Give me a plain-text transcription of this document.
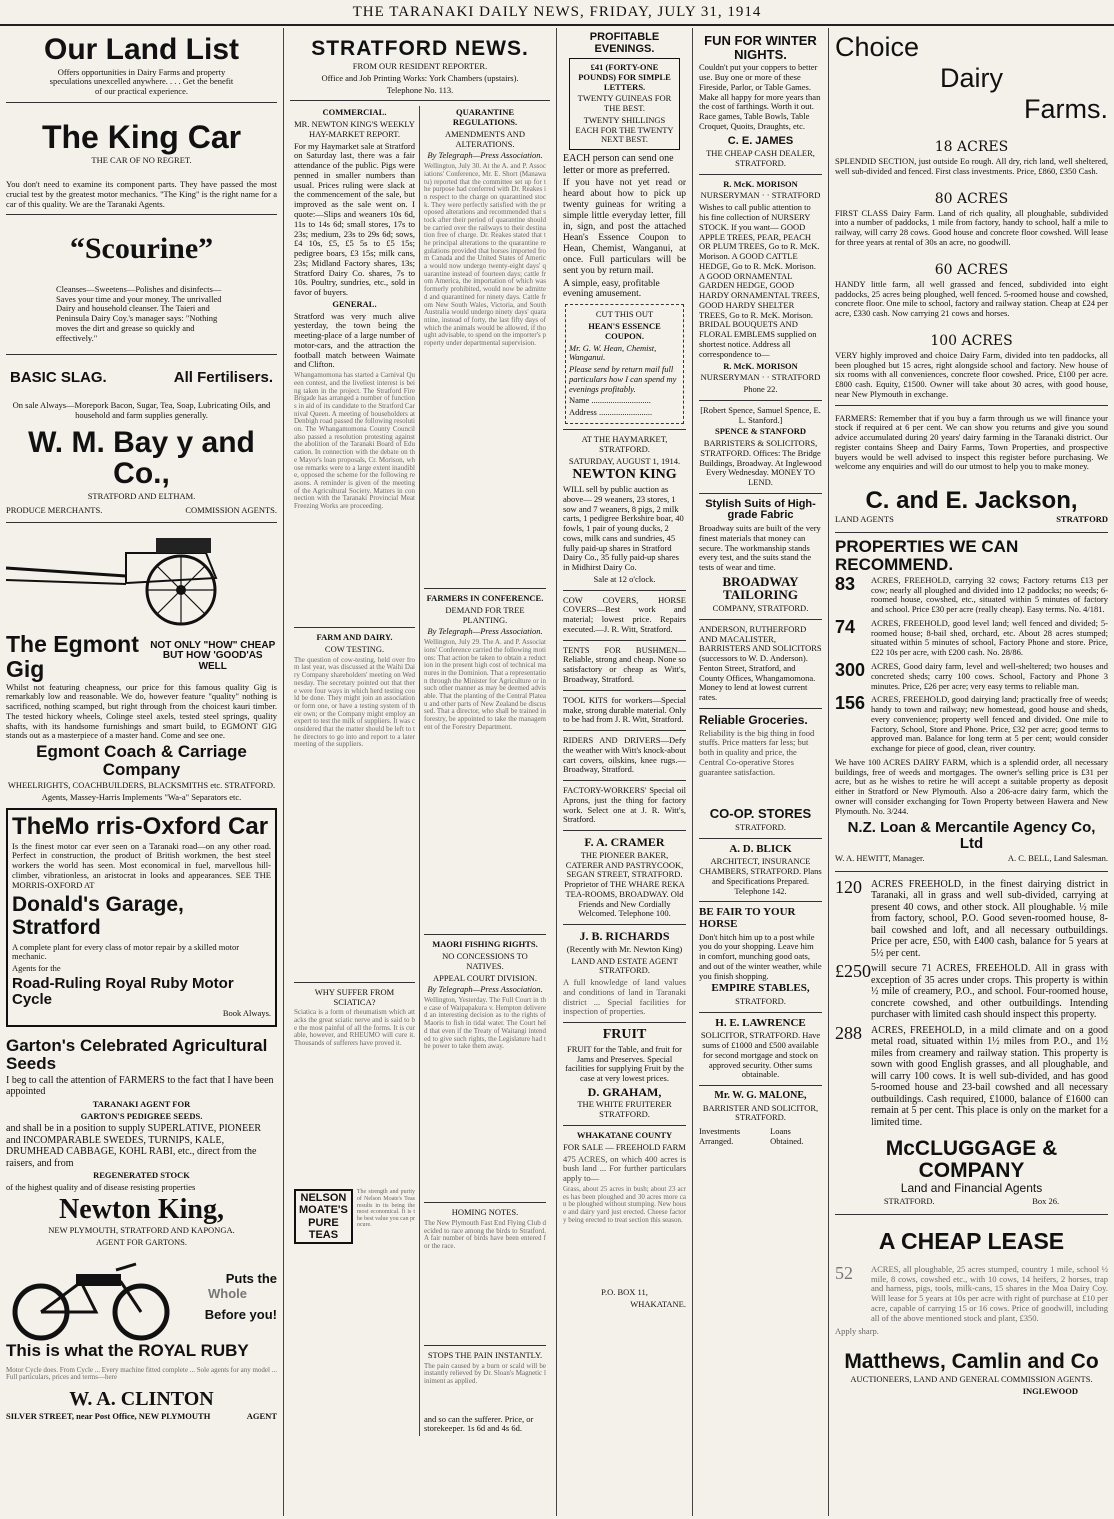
THE TARANAKI DAILY NEWS, FRIDAY, JULY 31, 1914
Our Land List

Offers opportunities in Dairy Farms and property speculations unexcelled anywhere. . . . Get the benefit of our practical experience.

The King Car

THE CAR OF NO REGRET.

You don't need to examine its component parts. They have passed the most crucial test by the greatest motor mechanics. "The King" is the right name for a car of this quality. We are the Taranaki Agents.

“Scourine”

Cleanses—Sweetens—Polishes and disinfects—Saves your time and your money. The unrivalled Dairy and household cleanser. The Taieri and Peninsula Dairy Coy.'s manager says: "Nothing moves the dirt and grease so quickly and effectively."

BASIC SLAG.	All Fertilisers.

On sale Always—Morepork Bacon, Sugar, Tea, Soap, Lubricating Oils, and household and farm supplies generally.

W. M. Bay y and Co.,

STRATFORD AND ELTHAM.

PRODUCE MERCHANTS.	COMMISSION AGENTS.
The Egmont Gig
NOT ONLY "HOW" CHEAP
BUT HOW 'GOOD'AS WELL

Whilst not featuring cheapness, our price for this famous quality Gig is remarkably low and reasonable. We do, however feature "quality" nothing is sacrificed, nothing scamped, but right through from the choicest kauri timber. The tested hickory wheels, Colinge steel axels, tested steel springs, quality shafts, with its handsome furnishings and smart build, to EGMONT GIG stands out as a masterpiece of a master hand. Come and see one.

Egmont Coach & Carriage Company

WHEELRIGHTS, COACHBUILDERS, BLACKSMITHS etc. STRATFORD.

Agents, Massey-Harris Implements "Wa-a" Separators etc.

TheMo rris-Oxford Car

Is the finest motor car ever seen on a Taranaki road—on any other road. Perfect in construction, the product of British workmen, the best steel workers the world has seen. Most economical in fuel, marvellous hill-climber, vibrationless, an aristocrat in looks and appearances. SEE THE MORRIS-OXFORD AT

Donald's Garage, Stratford

A complete plant for every class of motor repair by a skilled motor mechanic.

Agents for the

Road-Ruling Royal Ruby Motor Cycle

Book Always.

Garton's Celebrated Agricultural Seeds

I beg to call the attention of FARMERS to the fact that I have been appointed

TARANAKI AGENT FOR

GARTON'S PEDIGREE SEEDS.

and shall be in a position to supply SUPERLATIVE, PIONEER and INCOMPARABLE SWEDES, TURNIPS, KALE, DRUMHEAD CABBAGE, KOHL RABI, etc., direct from the raisers, and from

REGENERATED STOCK

of the highest quality and of disease resisting properties

Newton King,

NEW PLYMOUTH, STRATFORD AND KAPONGA.

AGENT FOR GARTONS.

Puts the
Whole
Before you!
This is what the ROYAL RUBY

Motor Cycle does. From Cycle ... Every machine fitted complete ... Sole agents for any model ... Full particulars, prices and terms—here

W. A. CLINTON
SILVER STREET, near Post Office, NEW PLYMOUTH	AGENT
STRATFORD NEWS.

FROM OUR RESIDENT REPORTER.

Office and Job Printing Works: York Chambers (upstairs).

Telephone No. 113.

COMMERCIAL.

MR. NEWTON KING'S WEEKLY HAY-MARKET REPORT.

For my Haymarket sale at Stratford on Saturday last, there was a fair attendance of the public. Pigs were penned in smaller numbers than usual. Prices ruling were slack at the commencement of the sale, but improved as the sale went on. I quote:—Slips and weaners 10s 6d, 11s to 14s 6d; small stores, 17s to 23s; medium, 23s to 29s 6d; sows, £4 10s, £5, £5 5s to £5 15s; pedigree boars, £3 15s; milk cans, 23s; Midland Factory shares, 13s; Stratford Dairy Co. shares, 7s to 10s. Poultry, sundries, etc., sold in favor of buyers.

GENERAL.

Stratford was very much alive yesterday, the town being the meeting-place of a large number of motor-cars, and the attraction the football match between Waimate and Clifton.

Whangamomona has started a Carnival Queen contest, and the liveliest interest is being taken in the project. The Stratford Fire Brigade has arranged a number of functions in aid of its candidate to the Stratford Carnival Queen. A meeting of householders at Denbigh road passed the following resolution. The Whangamomona County Council also passed a resolution protesting against the abolition of the Taranaki Board of Education. In connection with the debate on the Mayor's loan proposals, Cr. Morison, whose remarks were to a large extent inaudible, opposed the scheme for the following reasons. A reminder is given of the meeting of the Agricultural Society. Matters in connection with the Taranaki Provincial Meat Freezing Works are proceeding.

FARM AND DAIRY.

COW TESTING.

The question of cow-testing, held over from last year, was discussed at the Waihi Dairy Company shareholders' meeting on Wednesday. The secretary pointed out that there were four ways in which herd testing could be done. They might join an association or form one, or have a testing system of their own; or the Company might employ an expert to test the milk of suppliers. It was considered that the matter should be left to the directors to go into and report to a later meeting of the suppliers.

WHY SUFFER FROM SCIATICA?

Sciatica is a form of rheumatism which attacks the great sciatic nerve and is said to be the most painful of all the forms. It is curable, however, and RHEUMO will cure it. Thousands of sufferers have proved it.
NELSON MOATE'S PURE TEAS
The strength and purity of Nelson Moate's Teas results in its being the most economical. It is the best value you can procure.

QUARANTINE REGULATIONS.

AMENDMENTS AND ALTERATIONS.

By Telegraph—Press Association.

Wellington, July 30. At the A. and P. Associations' Conference, Mr. E. Short (Manawatu) reported that the committee set up for the purpose had conferred with Dr. Reakes in respect to the charge on quarantined stock. They were perfectly satisfied with the proposed alterations and recommended that stock after their period of quarantine should be carried over the railways to their destination free of charge. Dr. Reakes stated that the principal alterations to the quarantine regulations provided that horses imported from Canada and the United States of America would now undergo twenty-eight days' quarantine instead of fourteen days; cattle from America, the importation of which was formerly prohibited, would now be admitted and quarantined for ninety days. Cattle from New South Wales, Victoria, and South Australia would undergo ninety days' quarantine, instead of forty, the last fifty days of which the animals would be allowed, if thought advisable, to spend on the importer's property under departmental supervision.

FARMERS IN CONFERENCE.

DEMAND FOR TREE PLANTING.

By Telegraph—Press Association.

Wellington, July 29. The A. and P. Associations' Conference carried the following motions: That action be taken to obtain a reduction in the present high cost of technical manures in the Dominion. That a representation through the Minister for Agriculture or in such other manner as may be deemed advisable. That the planting of the Central Plateau and other parts of New Zealand be discussed. That a director, who shall be trained in forestry, be appointed to take the management of the Forestry Department.

MAORI FISHING RIGHTS.

NO CONCESSIONS TO NATIVES.

APPEAL COURT DIVISION.

By Telegraph—Press Association.

Wellington, Yesterday. The Full Court in the case of Waipapakura v. Hempton delivered an interesting decision as to the rights of Maoris to fish in tidal water. The Court held that even if the Treaty of Waitangi intended to give such rights, the Legislature had the power to take them away.

HOMING NOTES.

The New Plymouth Fast End Flying Club decided to race among the birds to Stratford. A fair number of birds have been entered for the race.

STOPS THE PAIN INSTANTLY.

The pain caused by a burn or scald will be instantly relieved by Dr. Sloan's Magnetic liniment as applied.

and so can the sufferer. Price, or storekeeper. 1s 6d and 4s 6d.

PROFITABLE EVENINGS.

£41 (FORTY-ONE POUNDS) FOR SIMPLE LETTERS.

TWENTY GUINEAS FOR THE BEST.

TWENTY SHILLINGS EACH FOR THE TWENTY NEXT BEST.

EACH person can send one letter or more as preferred.

If you have not yet read or heard about how to pick up twenty guineas for writing a simple little everyday letter, fill in, sign, and post the attached Hean's Essence Coupon to Hean, Chemist, Wanganui, at once. Full particulars will be sent you by return mail.

A simple, easy, profitable evening amusement.

CUT THIS OUT

HEAN'S ESSENCE COUPON.

Mr. G. W. Hean, Chemist, Wanganui.

Please send by return mail full particulars how I can spend my evenings profitably.

Name ............................

Address .........................

AT THE HAYMARKET, STRATFORD.

SATURDAY, AUGUST 1, 1914.

NEWTON KING

WILL sell by public auction as above— 29 weaners, 23 stores, 1 sow and 7 weaners, 8 pigs, 2 milk carts, 1 pedigree Berkshire boar, 40 fowls, 1 pair of young ducks, 2 cows, milk cans and sundries, 45 fully paid-up shares in Stratford Dairy Co., 35 fully paid-up shares in Midhirst Dairy Co.

Sale at 12 o'clock.

COW COVERS, HORSE COVERS—Best work and material; lowest price. Repairs executed.—J. R. Witt, Stratford.

TENTS FOR BUSHMEN—Reliable, strong and cheap. None so satisfactory or cheap as Witt's, Broadway, Stratford.

TOOL KITS for workers—Special make, strong durable material. Only to be had from J. R. Witt, Stratford.

RIDERS AND DRIVERS—Defy the weather with Witt's knock-about cart covers, oilskins, knee rugs.—Broadway, Stratford.

FACTORY-WORKERS' Special oil Aprons, just the thing for factory work. Select one at J. R. Witt's, Stratford.

F. A. CRAMER

THE PIONEER BAKER, CATERER AND PASTRYCOOK, SEGAN STREET, STRATFORD. Proprietor of THE WHARE REKA TEA-ROOMS, BROADWAY. Old Friends and New Cordially Welcomed. Telephone 100.

J. B. RICHARDS

(Recently with Mr. Newton King)

LAND AND ESTATE AGENT STRATFORD.

A full knowledge of land values and conditions of land in Taranaki district ... Special facilities for inspection of properties.

FRUIT

FRUIT for the Table, and fruit for Jams and Preserves. Special facilities for supplying Fruit by the case at very lowest prices.

D. GRAHAM,

THE WHITE FRUITERER STRATFORD.

WHAKATANE COUNTY

FOR SALE — FREEHOLD FARM

475 ACRES, on which 400 acres is bush land ... For further particulars apply to—

Grass, about 25 acres in bush; about 23 acres has been ploughed and 30 acres more can be ploughed without stumping. New house and dairy yard just erected. Cheese factory being erected to treat section this season.

P.O. BOX 11,

WHAKATANE.

FUN FOR WINTER NIGHTS.

Couldn't put your coppers to better use. Buy one or more of these Fireside, Parlor, or Table Games. Make all happy for more years than the cost of farthings. Worth it out. Race games, Table Bowls, Table Croquet, Quoits, Draughts, etc.

C. E. JAMES

THE CHEAP CASH DEALER, STRATFORD.

R. McK. MORISON

NURSERYMAN · · STRATFORD

Wishes to call public attention to his fine collection of NURSERY STOCK. If you want— GOOD APPLE TREES, PEAR, PEACH OR PLUM TREES, Go to R. McK. Morison. A GOOD CATTLE HEDGE, Go to R. McK. Morison. A GOOD ORNAMENTAL GARDEN HEDGE, GOOD HARDY ORNAMENTAL TREES, GOOD HARDY SHELTER TREES, Go to R. McK. Morison. BRIDAL BOUQUETS AND FLORAL EMBLEMS supplied on shortest notice. Address all correspondence to—

R. McK. MORISON

NURSERYMAN · · STRATFORD

Phone 22.

[Robert Spence, Samuel Spence, E. L. Stanford.]

SPENCE & STANFORD

BARRISTERS & SOLICITORS, STRATFORD. Offices: The Bridge Buildings, Broadway. At Inglewood Every Wednesday. MONEY TO LEND.

Stylish Suits of High-grade Fabric

Broadway suits are built of the very finest materials that money can secure. The workmanship stands every test, and the suits stand the tests of wear and time.

BROADWAY TAILORING

COMPANY, STRATFORD.

ANDERSON, RUTHERFORD AND MACALISTER, BARRISTERS AND SOLICITORS (successors to W. D. Anderson). Fenton Street, Stratford, and County Offices, Whangamomona. Money to lend at lowest current rates.

Reliable Groceries.

Reliability is the big thing in food stuffs. Price matters far less; but both in quality and price, the Central Co-operative Stores guarantee satisfaction.

CO-OP. STORES

STRATFORD.

A. D. BLICK

ARCHITECT, INSURANCE CHAMBERS, STRATFORD. Plans and Specifications Prepared. Telephone 142.

BE FAIR TO YOUR HORSE

Don't hitch him up to a post while you do your shopping. Leave him in comfort, munching good oats, and out of the winter weather, while you finish shopping.

EMPIRE STABLES,

STRATFORD.

H. E. LAWRENCE

SOLICITOR, STRATFORD. Have sums of £1000 and £500 available for second mortgage and stock on approved security. Other sums obtainable.

Mr. W. G. MALONE,

BARRISTER AND SOLICITOR, STRATFORD.

Investments Arranged.
Loans Obtained.
Choice
Dairy
Farms.

18 ACRES

SPLENDID SECTION, just outside Eo rough. All dry, rich land, well sheltered, well sub-divided and fenced. First class investments. Price, £860, £350 Cash.

80 ACRES

FIRST CLASS Dairy Farm. Land of rich quality, all ploughable, subdivided into a number of paddocks, 1 mile from factory, handy to school, half a mile to railway, will carry 28 cows. Good house and concrete floor cowshed. Will lease for three years at rental of 30s an acre, no goodwill.

60 ACRES

HANDY little farm, all well grassed and fenced, subdivided into eight paddocks, 25 acres being ploughed, well fenced. 5-roomed house and cowshed, concrete floor. One mile to school, factory and railway station. Cheap at £24 per acre, £330 cash. Now carrying 21 cows and horses.

100 ACRES

VERY highly improved and choice Dairy Farm, divided into ten paddocks, all been ploughed but 15 acres, right alongside school and factory. New house of six rooms with all conveniences, concrete floor cowshed. Price, £100 per acre. £800 cash. Equity, £1500. Owner will take about 30 acres, with good house, near New Plymouth in exchange.

FARMERS: Remember that if you buy a farm through us we will finance your stock if required at 6 per cent. We can show you returns and give you sound advice accumulated during 20 years' dairy farming in the Taranaki district. Our register contains Sheep and Dairy Farms, Town Properties, and prospective buyers would be well advised to inspect this register before purchasing. We welcome any enquiries and will do our utmost to help you to make money.

C. and E. Jackson,
LAND AGENTS	STRATFORD
PROPERTIES WE CAN RECOMMEND.
83	ACRES, FREEHOLD, carrying 32 cows; Factory returns £13 per cow; nearly all ploughed and divided into 12 paddocks; no weeds; 6-roomed house, cowshed, etc., situated within 5 minutes of factory and school. Price £30 per acre (really cheap). Easy terms. No. 4/181.

74	ACRES, FREEHOLD, good level land; well fenced and divided; 5-roomed house; 8-bail shed, orchard, etc. About 28 acres stumped; situated within 5 minutes of school, Factory Phone and store. Price, £22 10s per acre, with £200 cash. No. 28/86.

300 ACRES, Good dairy farm, level and well-sheltered; two houses and concreted sheds; carry 100 cows. School, Factory and Phone 3 minutes. Price, £26 per acre; very easy terms to reliable man.

156 ACRES, FREEHOLD, good dairying land; practically free of weeds; handy to town and railway; new homestead, good house and sheds, every convenience; property well fenced and divided. One mile to Factory, School, Store and Phone. Price, £32 per acre; good terms to approved man. Balance for long term at 5 per cent; would consider exchange for piece of good, clean, river country.

We have 100 ACRES DAIRY FARM, which is a splendid order, all necessary buildings, free of weeds and mortgages. The owner's selling price is £31 per acre, but as he wishes to retire he will accept a suitable property as deposit either in Stratford or New Plymouth. Also a 206-acre dairy farm, which the owner will consider exchanging for Town Property between Hawera and New Plymouth. No. 3/244.

N.Z. Loan & Mercantile Agency Co, Ltd
W. A. HEWITT, Manager.	A. C. BELL, Land Salesman.
120 ACRES FREEHOLD, in the finest dairying district in Taranaki, all in grass and well sub-divided, carrying at present 40 cows, and other stock. All ploughable. ½ mile from factory, school, P.O. Good seven-roomed house, 8-bail cowshed and loft, and all necessary outbuildings. Price per acre, £50, with £400 cash, balance for 5 years at 5½ per cent.

£250 will secure 71 ACRES, FREEHOLD. All in grass with exception of 35 acres under crops. This property is within ½ mile of creamery, P.O., and school. Four-roomed house, concrete cowshed, and other outbuildings. Intending purchaser with limited cash should inspect this property.

288 ACRES, FREEHOLD, in a mild climate and on a good metal road, situated within 1½ miles from P.O., and 1½ miles from creamery and railway station. This property is sown with good English grasses, and all ploughable, and will carry 100 cows. It is well sub-divided, and has good 5-roomed house and 23-bail cowshed and all necessary outbuildings. Cash required, £1000, balance of £1600 can remain at 5 per cent. This place is only on the market for a limited time.

McCLUGGAGE & COMPANY
Land and Financial Agents
STRATFORD.	Box 26.
A CHEAP LEASE
52	ACRES, all ploughable, 25 acres stumped, country 1 mile, school ½ mile, 8 cows, cowshed etc., with 10 cows, 14 heifers, 2 horses, trap and harness, pigs, tools, milk-cans, 15 shares in the Moa Dairy Coy. Will lease for 5 years at 10s per acre with right of purchase at £10 per acre, capable of carrying 15 or 16 cows. Price of goodwill, including all of the above mentioned stock and plant, £350.

Apply sharp.

Matthews, Camlin and Co

AUCTIONEERS, LAND AND GENERAL COMMISSION AGENTS.

INGLEWOOD
